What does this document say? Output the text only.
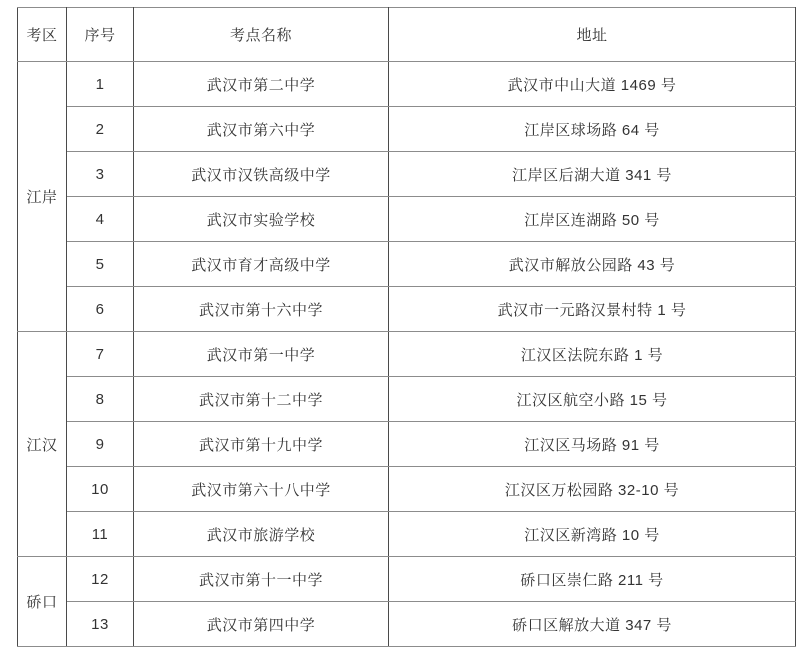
考区	序号	考点名称	地址
江岸	1	武汉市第二中学	武汉市中山大道 1469 号
	2	武汉市第六中学	江岸区球场路 64 号
	3	武汉市汉铁高级中学	江岸区后湖大道 341 号
	4	武汉市实验学校	江岸区连湖路 50 号
	5	武汉市育才高级中学	武汉市解放公园路 43 号
	6	武汉市第十六中学	武汉市一元路汉景村特 1 号
江汉	7	武汉市第一中学	江汉区法院东路 1 号
	8	武汉市第十二中学	江汉区航空小路 15 号
	9	武汉市第十九中学	江汉区马场路 91 号
	10	武汉市第六十八中学	江汉区万松园路 32-10 号
	11	武汉市旅游学校	江汉区新湾路 10 号
硚口	12	武汉市第十一中学	硚口区崇仁路 211 号
	13	武汉市第四中学	硚口区解放大道 347 号
